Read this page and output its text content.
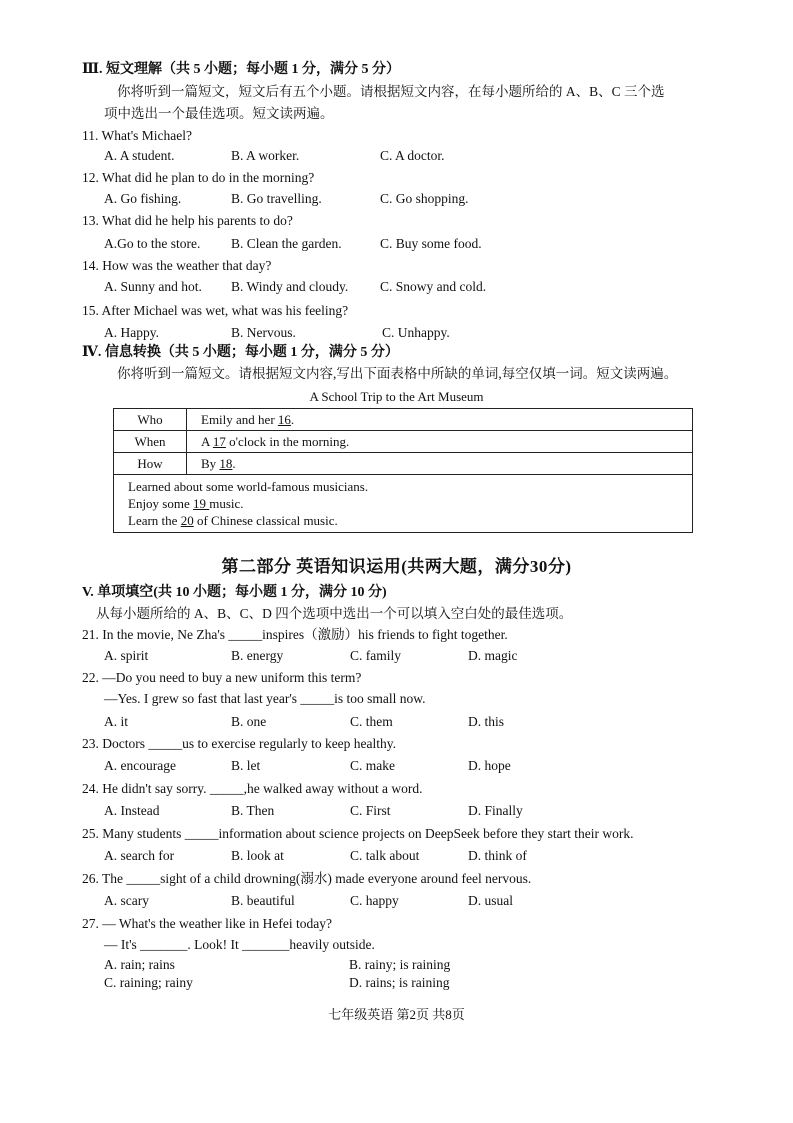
Ⅲ. 短文理解（共 5 小题；每小题 1 分，满分 5 分）
你将听到一篇短文，短文后有五个小题。请根据短文内容，在每小题所给的 A、B、C 三个选
项中选出一个最佳选项。短文读两遍。
11. What's Michael?
A. A student.	B. A worker.	C. A doctor.
12. What did he plan to do in the morning?
A. Go fishing.	B. Go travelling.	C. Go shopping.
13. What did he help his parents to do?
A.Go to the store. B. Clean the garden.	C. Buy some food.
14. How was the weather that day?
A. Sunny and hot. B. Windy and cloudy. C. Snowy and cold.
15. After Michael was wet, what was his feeling?
A. Happy.	B. Nervous.	C. Unhappy.
Ⅳ. 信息转换（共 5 小题；每小题 1 分，满分 5 分）
你将听到一篇短文。请根据短文内容,写出下面表格中所缺的单词,每空仅填一词。短文读两遍。
A School Trip to the Art Museum
Who	Emily and her 16.
When	A 17 o'clock in the morning.
How	By 18.

Learned about some world-famous musicians.
Enjoy some 19 music.
Learn the 20 of Chinese classical music.	
第二部分 英语知识运用(共两大题，满分30分)
V. 单项填空(共 10 小题；每小题 1 分，满分 10 分)
从每小题所给的 A、B、C、D 四个选项中选出一个可以填入空白处的最佳选项。
21. In the movie, Ne Zha's _____inspires（激励）his friends to fight together.
A. spirit	B. energy	C. family	D. magic
22. —Do you need to buy a new uniform this term?
—Yes. I grew so fast that last year's _____is too small now.
A. it	B. one	C. them	D. this
23. Doctors _____us to exercise regularly to keep healthy.
A. encourage	B. let	C. make	D. hope
24. He didn't say sorry. _____,he walked away without a word.
A. Instead	B. Then	C. First	D. Finally
25. Many students _____information about science projects on DeepSeek before they start their work.
A. search for	B. look at	C. talk about	D. think of
26. The _____sight of a child drowning(溺水) made everyone around feel nervous.
A. scary	B. beautiful	C. happy	D. usual
27. — What's the weather like in Hefei today?
— It's _______. Look! It _______heavily outside.
A. rain; rains	B. rainy; is raining
C. raining; rainy	D. rains; is raining
七年级英语 第2页 共8页
